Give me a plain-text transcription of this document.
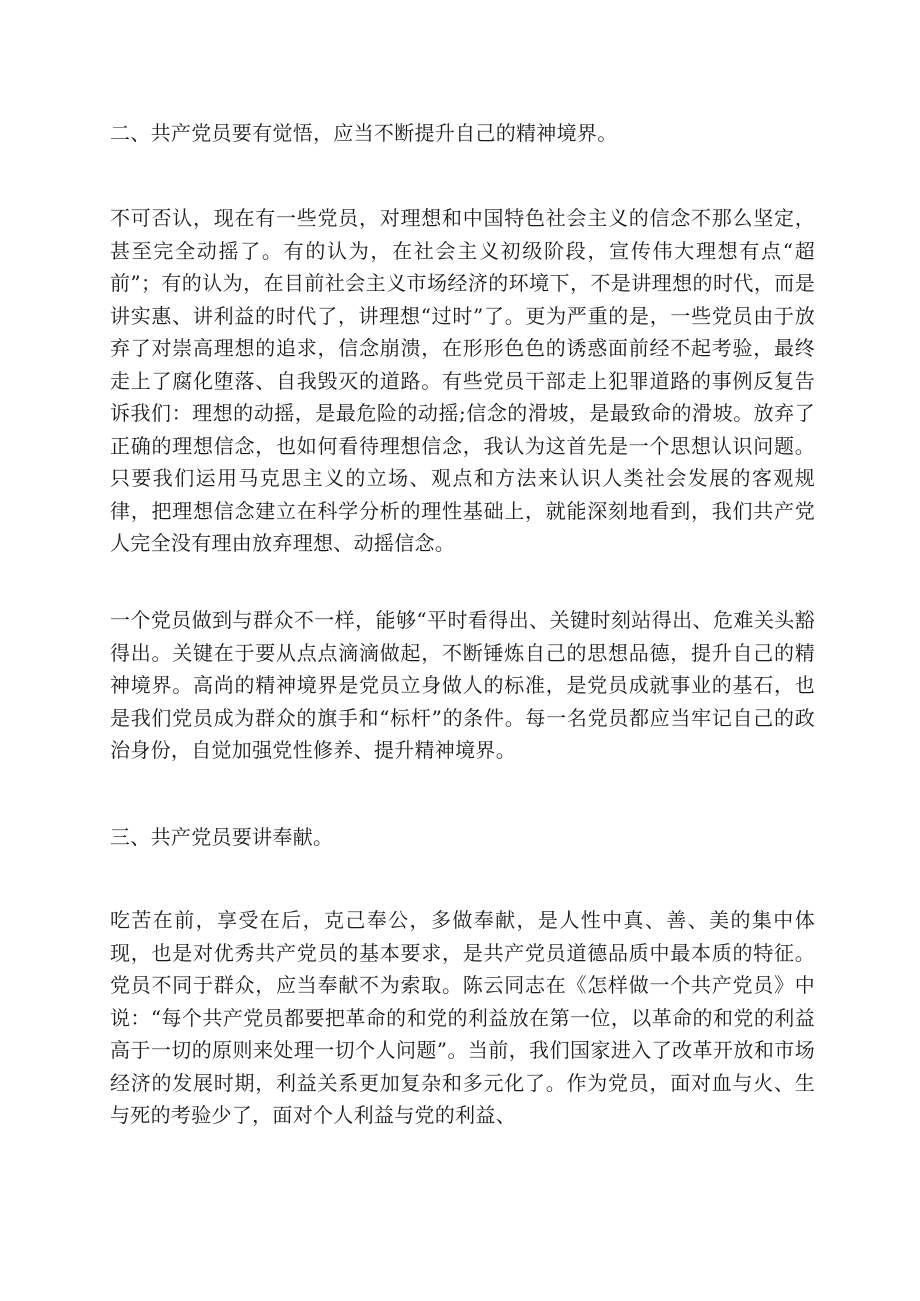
二、共产党员要有觉悟，应当不断提升自己的精神境界。

不可否认，现在有一些党员，对理想和中国特色社会主义的信念不那么坚定，甚至完全动摇了。有的认为，在社会主义初级阶段，宣传伟大理想有点“超前”；有的认为，在目前社会主义市场经济的环境下，不是讲理想的时代，而是讲实惠、讲利益的时代了，讲理想“过时”了。更为严重的是，一些党员由于放弃了对崇高理想的追求，信念崩溃，在形形色色的诱惑面前经不起考验，最终走上了腐化堕落、自我毁灭的道路。有些党员干部走上犯罪道路的事例反复告诉我们：理想的动摇，是最危险的动摇;信念的滑坡，是最致命的滑坡。放弃了正确的理想信念，也如何看待理想信念，我认为这首先是一个思想认识问题。只要我们运用马克思主义的立场、观点和方法来认识人类社会发展的客观规律，把理想信念建立在科学分析的理性基础上，就能深刻地看到，我们共产党人完全没有理由放弃理想、动摇信念。

一个党员做到与群众不一样，能够“平时看得出、关键时刻站得出、危难关头豁得出。关键在于要从点点滴滴做起，不断锤炼自己的思想品德，提升自己的精神境界。高尚的精神境界是党员立身做人的标准，是党员成就事业的基石，也是我们党员成为群众的旗手和“标杆”的条件。每一名党员都应当牢记自己的政治身份，自觉加强党性修养、提升精神境界。

三、共产党员要讲奉献。

吃苦在前，享受在后，克己奉公，多做奉献，是人性中真、善、美的集中体现，也是对优秀共产党员的基本要求，是共产党员道德品质中最本质的特征。党员不同于群众，应当奉献不为索取。陈云同志在《怎样做一个共产党员》中说：“每个共产党员都要把革命的和党的利益放在第一位，以革命的和党的利益高于一切的原则来处理一切个人问题”。当前，我们国家进入了改革开放和市场经济的发展时期，利益关系更加复杂和多元化了。作为党员，面对血与火、生与死的考验少了，面对个人利益与党的利益、
